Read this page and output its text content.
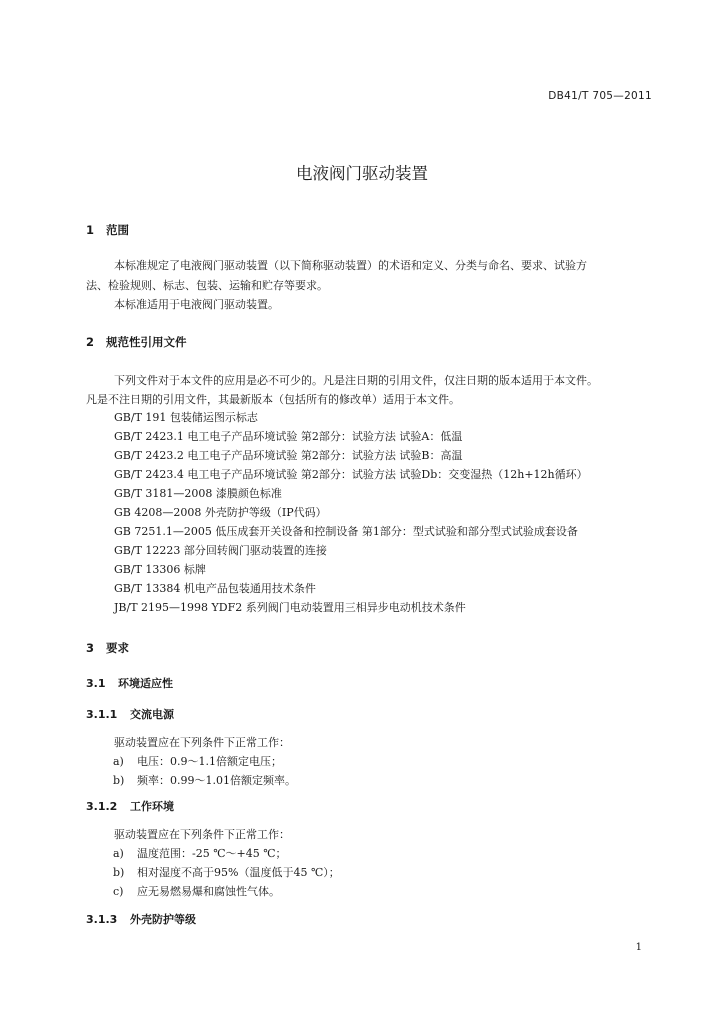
DB41/T 705—2011
电液阀门驱动装置
1 范围
本标准规定了电液阀门驱动装置（以下简称驱动装置）的术语和定义、分类与命名、要求、试验方
法、检验规则、标志、包装、运输和贮存等要求。
本标准适用于电液阀门驱动装置。
2 规范性引用文件
下列文件对于本文件的应用是必不可少的。凡是注日期的引用文件，仅注日期的版本适用于本文件。
凡是不注日期的引用文件，其最新版本（包括所有的修改单）适用于本文件。
GB/T 191 包装储运图示标志
GB/T 2423.1 电工电子产品环境试验 第2部分：试验方法 试验A：低温
GB/T 2423.2 电工电子产品环境试验 第2部分：试验方法 试验B：高温
GB/T 2423.4 电工电子产品环境试验 第2部分：试验方法 试验Db：交变湿热（12h+12h循环）
GB/T 3181—2008 漆膜颜色标准
GB 4208—2008 外壳防护等级（IP代码）
GB 7251.1—2005 低压成套开关设备和控制设备 第1部分：型式试验和部分型式试验成套设备
GB/T 12223 部分回转阀门驱动装置的连接
GB/T 13306 标牌
GB/T 13384 机电产品包装通用技术条件
JB/T 2195—1998 YDF2 系列阀门电动装置用三相异步电动机技术条件
3 要求
3.1 环境适应性
3.1.1 交流电源
驱动装置应在下列条件下正常工作：
a) 电压：0.9～1.1倍额定电压；
b) 频率：0.99～1.01倍额定频率。
3.1.2 工作环境
驱动装置应在下列条件下正常工作：
a) 温度范围：-25 ℃～+45 ℃；
b) 相对湿度不高于95%（温度低于45 ℃）；
c) 应无易燃易爆和腐蚀性气体。
3.1.3 外壳防护等级
1
